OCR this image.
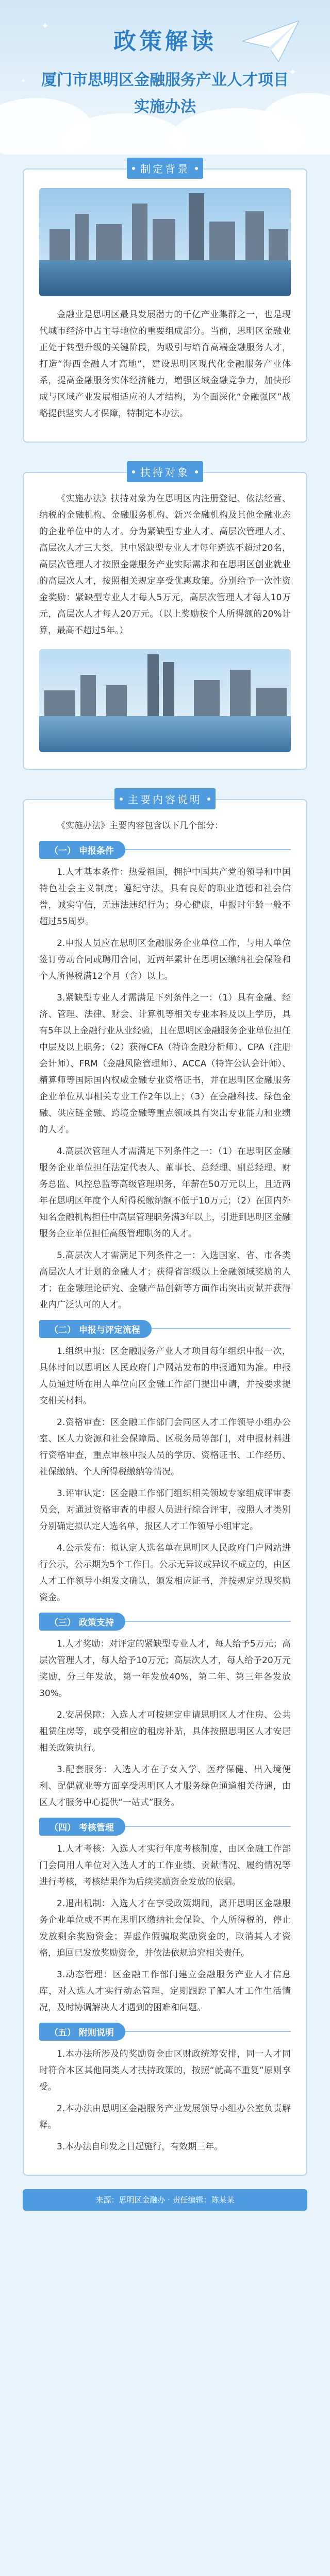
✦
✦
✦
政策解读
厦门市思明区金融服务产业人才项目
实施办法
制定背景

金融业是思明区最具发展潜力的千亿产业集群之一，也是现代城市经济中占主导地位的重要组成部分。当前，思明区金融业正处于转型升级的关键阶段，为吸引与培育高端金融服务人才，打造“海西金融人才高地”，建设思明区现代化金融服务产业体系，提高金融服务实体经济能力，增强区域金融竞争力，加快形成与区域产业发展相适应的人才结构，为全面深化“金融强区”战略提供坚实人才保障，特制定本办法。

扶持对象

《实施办法》扶持对象为在思明区内注册登记、依法经营、纳税的金融机构、金融服务机构、新兴金融机构及其他金融业态的企业单位中的人才。分为紧缺型专业人才、高层次管理人才、高层次人才三大类，其中紧缺型专业人才每年遴选不超过20名，高层次管理人才按照金融服务产业实际需求和在思明区创业就业的高层次人才，按照相关规定享受优惠政策。分别给予一次性资金奖励：紧缺型专业人才每人5万元，高层次管理人才每人10万元，高层次人才每人20万元。（以上奖励按个人所得额的20%计算，最高不超过5年。）

主要内容说明

《实施办法》主要内容包含以下几个部分：

（一） 申报条件

1.人才基本条件：热爱祖国，拥护中国共产党的领导和中国特色社会主义制度；遵纪守法，具有良好的职业道德和社会信誉，诚实守信，无违法违纪行为；身心健康，申报时年龄一般不超过55周岁。

2.申报人员应在思明区金融服务企业单位工作，与用人单位签订劳动合同或聘用合同，近两年累计在思明区缴纳社会保险和个人所得税满12个月（含）以上。

3.紧缺型专业人才需满足下列条件之一：（1）具有金融、经济、管理、法律、财会、计算机等相关专业本科及以上学历，具有5年以上金融行业从业经验，且在思明区金融服务企业单位担任中层及以上职务；（2）获得CFA（特许金融分析师）、CPA（注册会计师）、FRM（金融风险管理师）、ACCA（特许公认会计师）、精算师等国际国内权威金融专业资格证书，并在思明区金融服务企业单位从事相关专业工作2年以上；（3）在金融科技、绿色金融、供应链金融、跨境金融等重点领域具有突出专业能力和业绩的人才。

4.高层次管理人才需满足下列条件之一：（1）在思明区金融服务企业单位担任法定代表人、董事长、总经理、副总经理、财务总监、风控总监等高级管理职务，年薪在50万元以上，且近两年在思明区年度个人所得税缴纳额不低于10万元；（2）在国内外知名金融机构担任中高层管理职务满3年以上，引进到思明区金融服务企业单位担任高级管理职务的人才。

5.高层次人才需满足下列条件之一：入选国家、省、市各类高层次人才计划的金融人才；获得省部级以上金融领域奖励的人才；在金融理论研究、金融产品创新等方面作出突出贡献并获得业内广泛认可的人才。

（二） 申报与评定流程

1.组织申报：区金融服务产业人才项目每年组织申报一次，具体时间以思明区人民政府门户网站发布的申报通知为准。申报人员通过所在用人单位向区金融工作部门提出申请，并按要求提交相关材料。

2.资格审查：区金融工作部门会同区人才工作领导小组办公室、区人力资源和社会保障局、区税务局等部门，对申报材料进行资格审查，重点审核申报人员的学历、资格证书、工作经历、社保缴纳、个人所得税缴纳等情况。

3.评审认定：区金融工作部门组织相关领域专家组成评审委员会，对通过资格审查的申报人员进行综合评审，按照人才类别分别确定拟认定人选名单，报区人才工作领导小组审定。

4.公示发布：拟认定人选名单在思明区人民政府门户网站进行公示，公示期为5个工作日。公示无异议或异议不成立的，由区人才工作领导小组发文确认，颁发相应证书，并按规定兑现奖励资金。

（三） 政策支持

1.人才奖励：对评定的紧缺型专业人才，每人给予5万元；高层次管理人才，每人给予10万元；高层次人才，每人给予20万元奖励，分三年发放，第一年发放40%，第二年、第三年各发放30%。

2.安居保障：入选人才可按规定申请思明区人才住房、公共租赁住房等，或享受相应的租房补贴，具体按照思明区人才安居相关政策执行。

3.配套服务：入选人才在子女入学、医疗保健、出入境便利、配偶就业等方面享受思明区人才服务绿色通道相关待遇，由区人才服务中心提供“一站式”服务。

（四） 考核管理

1.人才考核：入选人才实行年度考核制度，由区金融工作部门会同用人单位对入选人才的工作业绩、贡献情况、履约情况等进行考核，考核结果作为后续奖励资金发放的依据。

2.退出机制：入选人才在享受政策期间，离开思明区金融服务企业单位或不再在思明区缴纳社会保险、个人所得税的，停止发放剩余奖励资金；弄虚作假骗取奖励资金的，取消其人才资格，追回已发放奖励资金，并依法依规追究相关责任。

3.动态管理：区金融工作部门建立金融服务产业人才信息库，对入选人才实行动态管理，定期跟踪了解人才工作生活情况，及时协调解决人才遇到的困难和问题。

（五） 附则说明

1.本办法所涉及的奖励资金由区财政统筹安排，同一人才同时符合本区其他同类人才扶持政策的，按照“就高不重复”原则享受。

2.本办法由思明区金融服务产业发展领导小组办公室负责解释。

3.本办法自印发之日起施行，有效期三年。

来源：思明区金融办 · 责任编辑：陈某某
